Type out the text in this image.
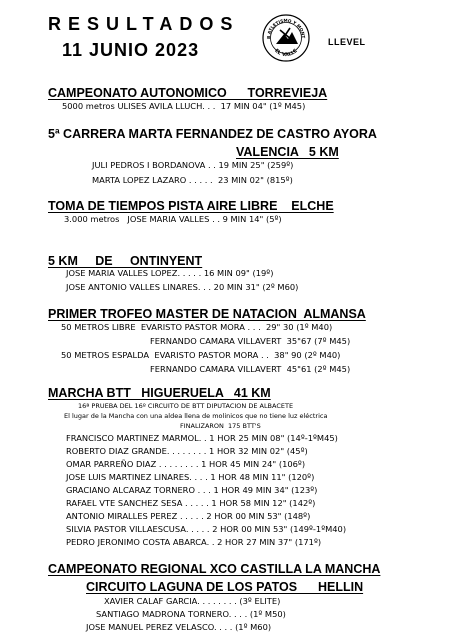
RESULTADOS
11 JUNIO 2023
B ATLETISMO Y MONT
EL VALLE
LLEVEL
CAMPEONATO AUTONOMICO      TORREVIEJA
5000 metros ULISES AVILA LLUCH. . .  17 MIN 04" (1º M45)
5ª CARRERA MARTA FERNANDEZ DE CASTRO AYORA
VALENCIA   5 KM
JULI PEDROS I BORDANOVA . . 19 MIN 25" (259º)
MARTA LOPEZ LAZARO . . . . .  23 MIN 02" (815º)
TOMA DE TIEMPOS PISTA AIRE LIBRE    ELCHE
3.000 metros   JOSE MARIA VALLES . . 9 MIN 14" (5º)
5 KM     DE     ONTINYENT
JOSE MARIA VALLES LOPEZ. . . . . 16 MIN 09" (19º)
JOSE ANTONIO VALLES LINARES. . . 20 MIN 31" (2º M60)
PRIMER TROFEO MASTER DE NATACION  ALMANSA
50 METROS LIBRE  EVARISTO PASTOR MORA . . .  29" 30 (1º M40)
FERNANDO CAMARA VILLAVERT  35"67 (7º M45)
50 METROS ESPALDA  EVARISTO PASTOR MORA . .  38" 90 (2º M40)
FERNANDO CAMARA VILLAVERT  45"61 (2º M45)
MARCHA BTT   HIGUERUELA   41 KM
16ª PRUEBA DEL 16º CIRCUITO DE BTT DIPUTACION DE ALBACETE
El lugar de la Mancha con una aldea llena de molinicos que no tiene luz eléctrica
FINALIZARON  175 BTT'S
FRANCISCO MARTINEZ MARMOL. . 1 HOR 25 MIN 08" (14º-1ºM45)
ROBERTO DIAZ GRANDE. . . . . . . . 1 HOR 32 MIN 02" (45º)
OMAR PARREÑO DIAZ . . . . . . . . 1 HOR 45 MIN 24" (106º)
JOSE LUIS MARTINEZ LINARES. . . . 1 HOR 48 MIN 11" (120º)
GRACIANO ALCARAZ TORNERO . . . 1 HOR 49 MIN 34" (123º)
RAFAEL VTE SANCHEZ SESA . . . . . 1 HOR 58 MIN 12" (142º)
ANTONIO MIRALLES PEREZ . . . . . 2 HOR 00 MIN 53" (148º)
SILVIA PASTOR VILLAESCUSA. . . . . 2 HOR 00 MIN 53" (149º-1ºM40)
PEDRO JERONIMO COSTA ABARCA. . 2 HOR 27 MIN 37" (171º)
CAMPEONATO REGIONAL XCO CASTILLA LA MANCHA
CIRCUITO LAGUNA DE LOS PATOS      HELLIN
XAVIER CALAF GARCIA. . . . . . . . (3º ELITE)
SANTIAGO MADRONA TORNERO. . . . (1º M50)
JOSE MANUEL PEREZ VELASCO. . . . (1º M60)
